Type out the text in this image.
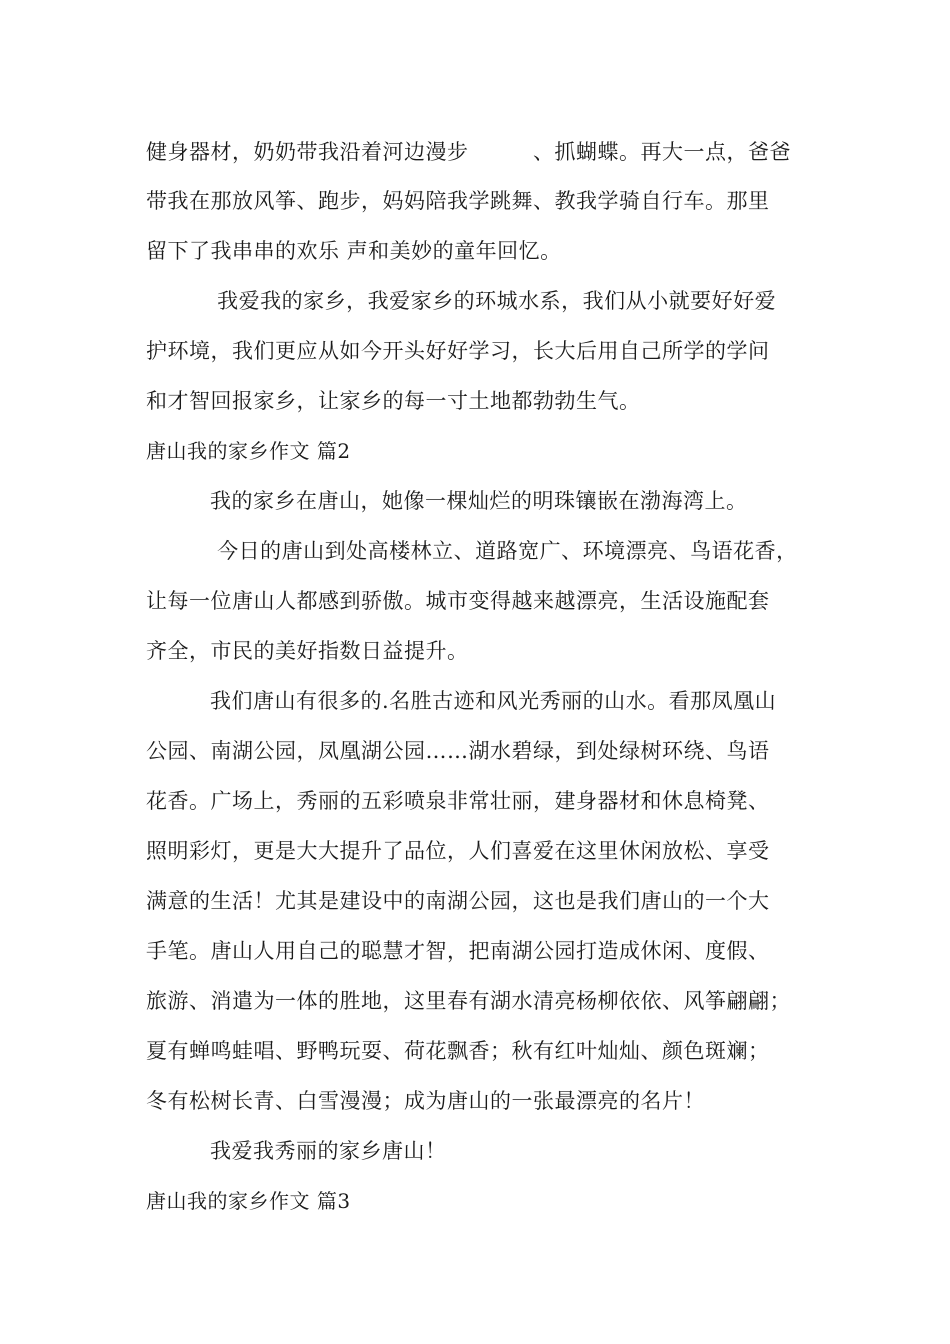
健身器材，奶奶带我沿着河边漫步　　　、抓蝴蝶。再大一点，爸爸
带我在那放风筝、跑步，妈妈陪我学跳舞、教我学骑自行车。那里
留下了我串串的欢乐 声和美妙的童年回忆。
我爱我的家乡，我爱家乡的环城水系，我们从小就要好好爱
护环境，我们更应从如今开头好好学习，长大后用自己所学的学问
和才智回报家乡，让家乡的每一寸土地都勃勃生气。
唐山我的家乡作文 篇2
我的家乡在唐山，她像一棵灿烂的明珠镶嵌在渤海湾上。
今日的唐山到处高楼林立、道路宽广、环境漂亮、鸟语花香，
让每一位唐山人都感到骄傲。城市变得越来越漂亮，生活设施配套
齐全，市民的美好指数日益提升。
我们唐山有很多的.名胜古迹和风光秀丽的山水。看那凤凰山
公园、南湖公园，凤凰湖公园……湖水碧绿，到处绿树环绕、鸟语
花香。广场上，秀丽的五彩喷泉非常壮丽，建身器材和休息椅凳、
照明彩灯，更是大大提升了品位，人们喜爱在这里休闲放松、享受
满意的生活！尤其是建设中的南湖公园，这也是我们唐山的一个大
手笔。唐山人用自己的聪慧才智，把南湖公园打造成休闲、度假、
旅游、消遣为一体的胜地，这里春有湖水清亮杨柳依依、风筝翩翩；
夏有蝉鸣蛙唱、野鸭玩耍、荷花飘香；秋有红叶灿灿、颜色斑斓；
冬有松树长青、白雪漫漫；成为唐山的一张最漂亮的名片！
我爱我秀丽的家乡唐山！
唐山我的家乡作文 篇3
